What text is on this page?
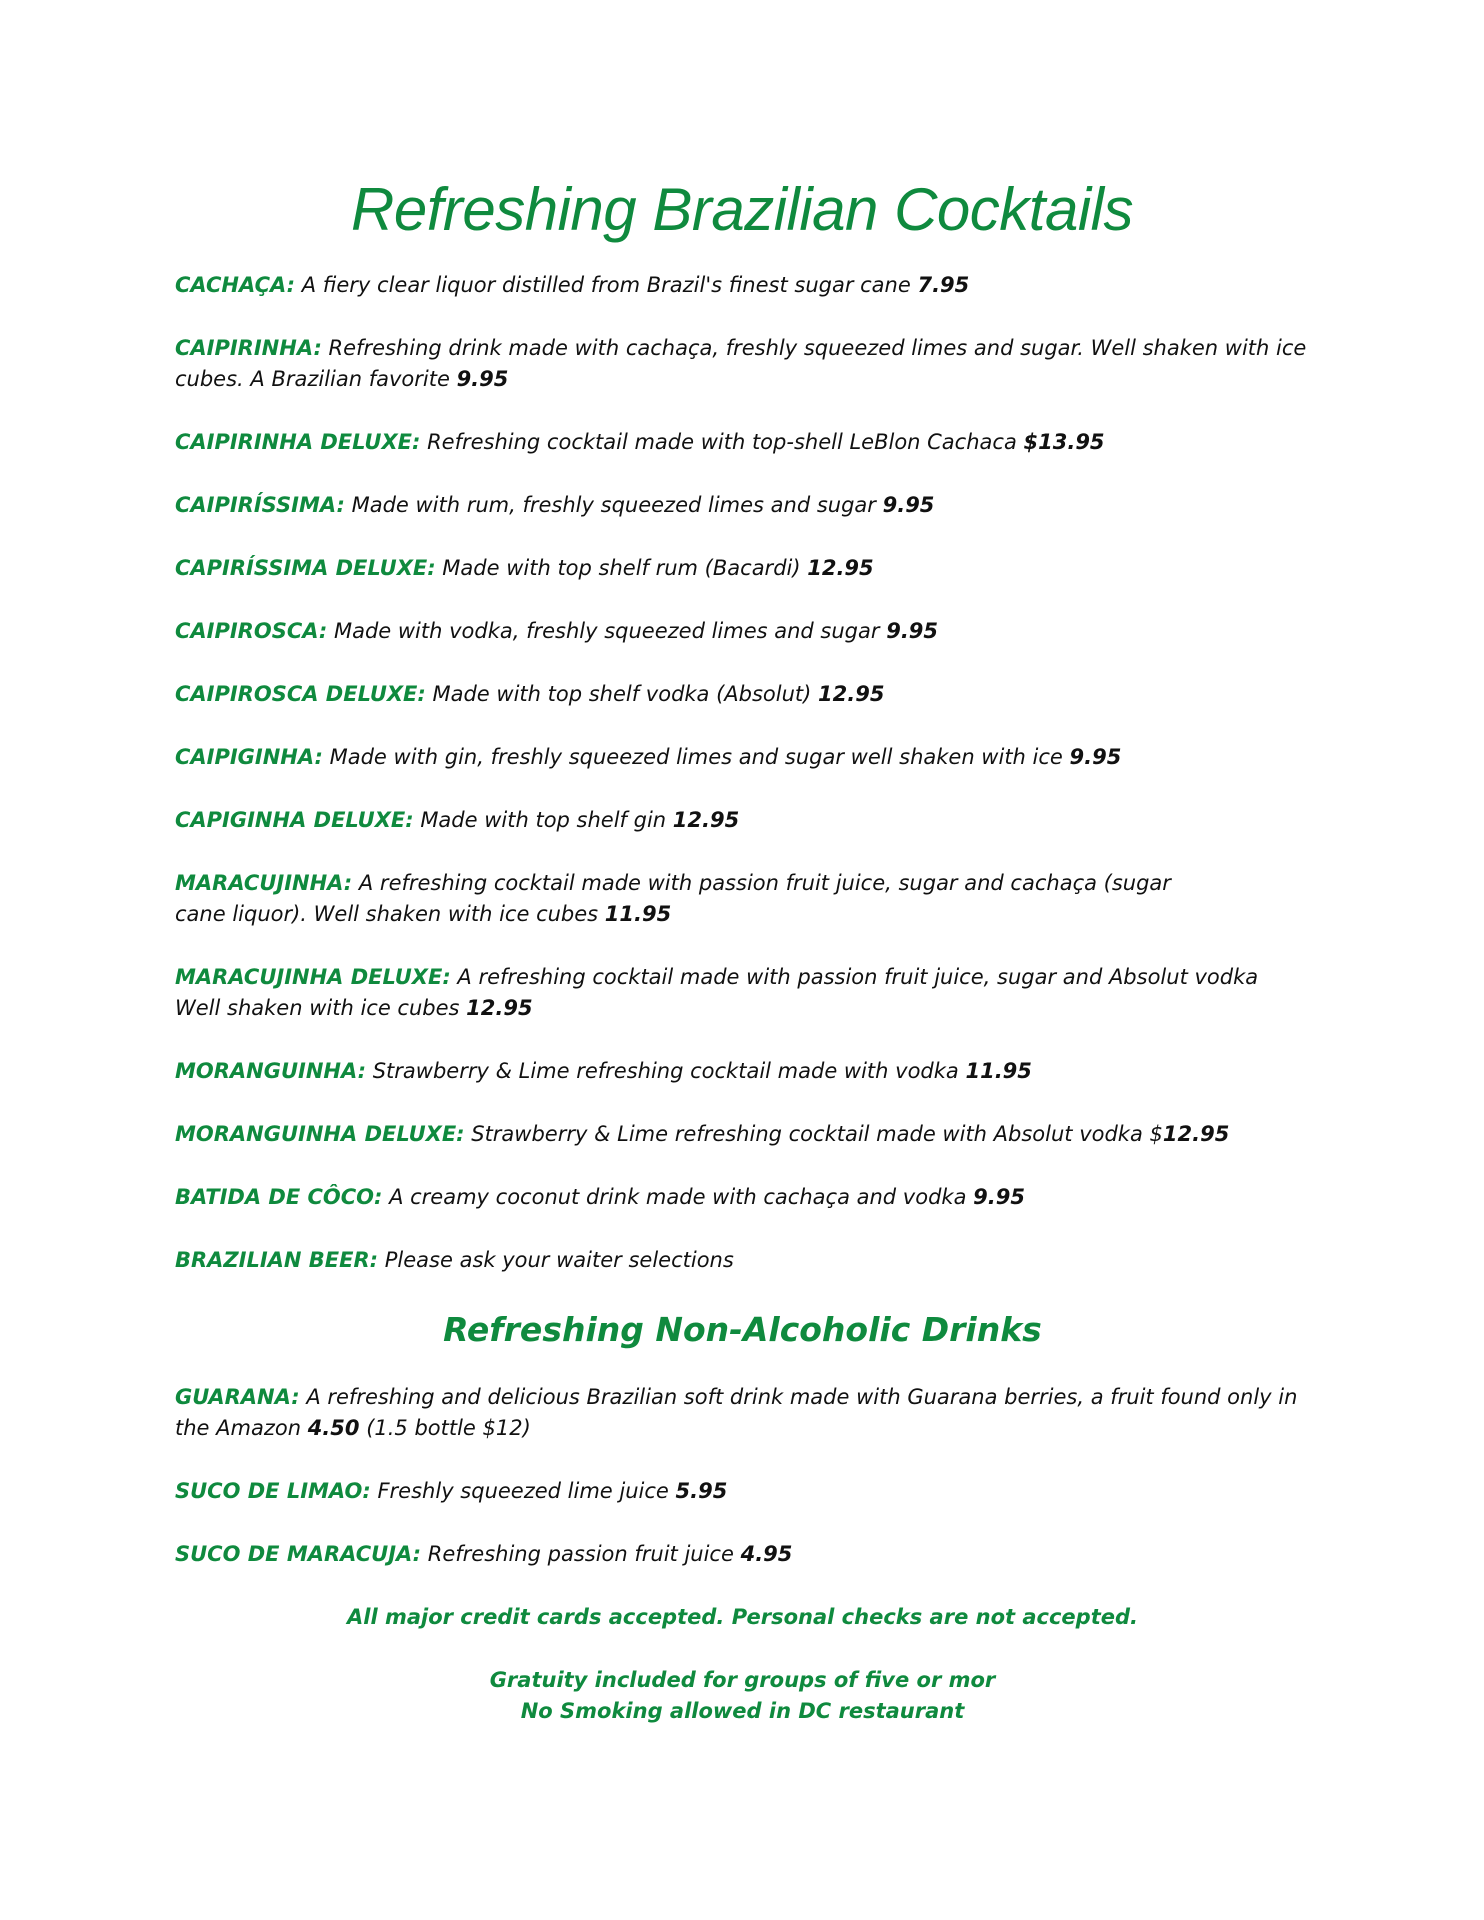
Refreshing Brazilian Cocktails
CACHAÇA: A fiery clear liquor distilled from Brazil's finest sugar cane 7.95
CAIPIRINHA: Refreshing drink made with cachaça, freshly squeezed limes and sugar. Well shaken with ice cubes. A Brazilian favorite 9.95
CAIPIRINHA DELUXE: Refreshing cocktail made with top-shell LeBlon Cachaca $13.95
CAIPIRÍSSIMA: Made with rum, freshly squeezed limes and sugar 9.95
CAPIRÍSSIMA DELUXE: Made with top shelf rum (Bacardi) 12.95
CAIPIROSCA: Made with vodka, freshly squeezed limes and sugar 9.95
CAIPIROSCA DELUXE: Made with top shelf vodka (Absolut) 12.95
CAIPIGINHA: Made with gin, freshly squeezed limes and sugar well shaken with ice 9.95
CAPIGINHA DELUXE: Made with top shelf gin 12.95
MARACUJINHA: A refreshing cocktail made with passion fruit juice, sugar and cachaça (sugar
cane liquor). Well shaken with ice cubes 11.95
MARACUJINHA DELUXE: A refreshing cocktail made with passion fruit juice, sugar and Absolut vodka Well shaken with ice cubes 12.95
MORANGUINHA: Strawberry & Lime refreshing cocktail made with vodka 11.95
MORANGUINHA DELUXE: Strawberry & Lime refreshing cocktail made with Absolut vodka $12.95
BATIDA DE CÔCO: A creamy coconut drink made with cachaça and vodka 9.95
BRAZILIAN BEER: Please ask your waiter selections
Refreshing Non-Alcoholic Drinks
GUARANA: A refreshing and delicious Brazilian soft drink made with Guarana berries, a fruit found only in the Amazon 4.50 (1.5 bottle $12)
SUCO DE LIMAO: Freshly squeezed lime juice 5.95
SUCO DE MARACUJA: Refreshing passion fruit juice 4.95
All major credit cards accepted. Personal checks are not accepted.
Gratuity included for groups of five or mor
No Smoking allowed in DC restaurant
